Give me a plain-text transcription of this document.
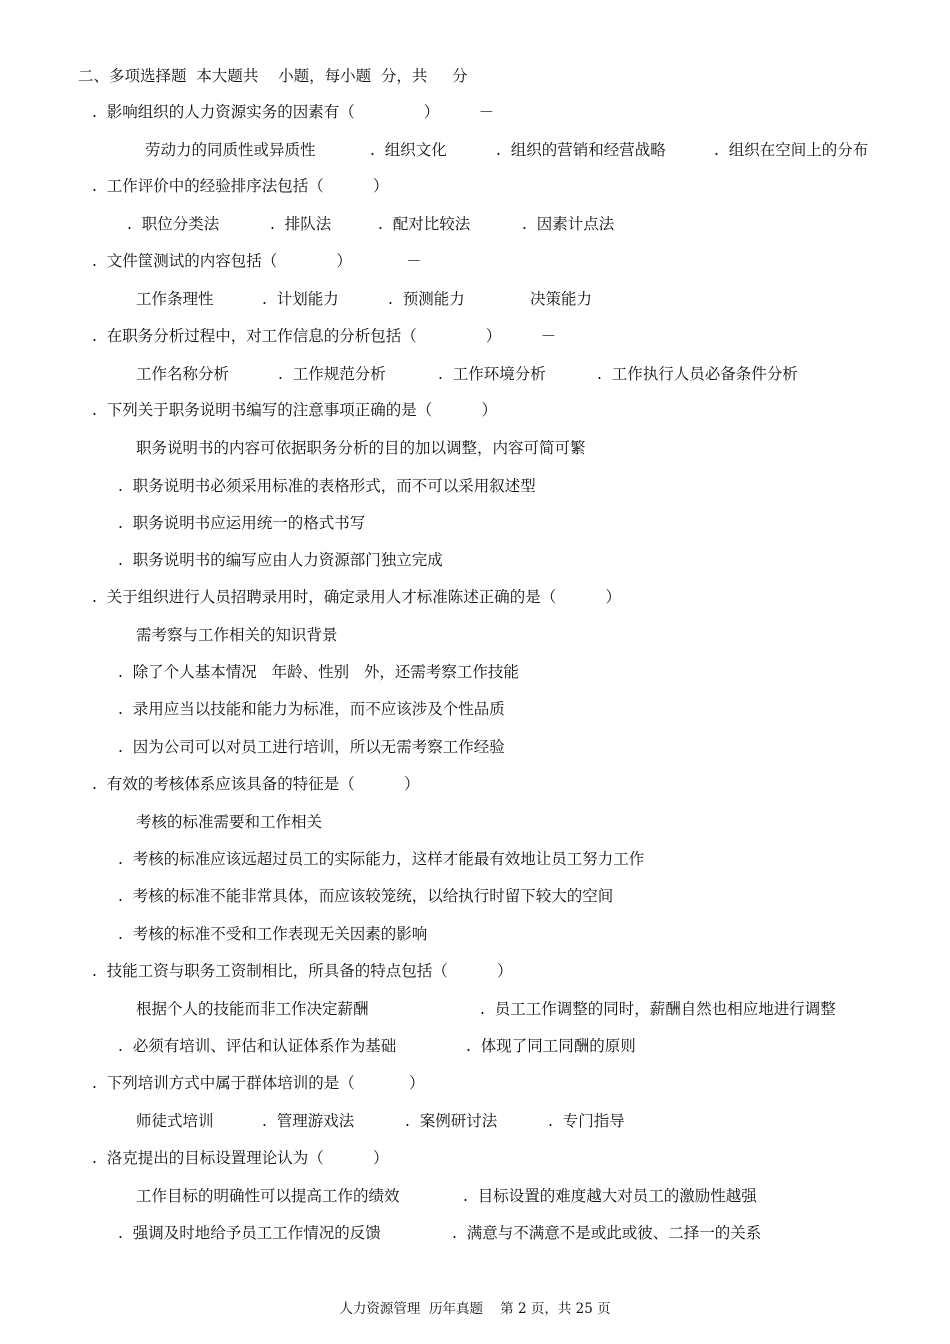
二、多项选择题  本大题共    小题，每小题  分，共     分
.  影响组织的人力资源实务的因素有（              ）        －
劳动力的同质性或异质性	.  组织文化	.  组织的营销和经营战略	.  组织在空间上的分布
.  工作评价中的经验排序法包括（          ）
.  职位分类法	.  排队法	.  配对比较法	.  因素计点法
.  文件筐测试的内容包括（            ）           －
工作条理性	.  计划能力	.  预测能力	决策能力
.  在职务分析过程中，对工作信息的分析包括（              ）        －
工作名称分析	.  工作规范分析	.  工作环境分析	.  工作执行人员必备条件分析
.  下列关于职务说明书编写的注意事项正确的是（          ）
职务说明书的内容可依据职务分析的目的加以调整，内容可简可繁
.  职务说明书必须采用标准的表格形式，而不可以采用叙述型
.  职务说明书应运用统一的格式书写
.  职务说明书的编写应由人力资源部门独立完成
.  关于组织进行人员招聘录用时，确定录用人才标准陈述正确的是（          ）
需考察与工作相关的知识背景
.  除了个人基本情况   年龄、性别   外，还需考察工作技能
.  录用应当以技能和能力为标准，而不应该涉及个性品质
.  因为公司可以对员工进行培训，所以无需考察工作经验
.  有效的考核体系应该具备的特征是（          ）
考核的标准需要和工作相关
.  考核的标准应该远超过员工的实际能力，这样才能最有效地让员工努力工作
.  考核的标准不能非常具体，而应该较笼统，以给执行时留下较大的空间
.  考核的标准不受和工作表现无关因素的影响
.  技能工资与职务工资制相比，所具备的特点包括（          ）
根据个人的技能而非工作决定薪酬	.  员工工作调整的同时，薪酬自然也相应地进行调整
.  必须有培训、评估和认证体系作为基础	.  体现了同工同酬的原则
.  下列培训方式中属于群体培训的是（           ）
师徒式培训	.  管理游戏法	.  案例研讨法	.  专门指导
.  洛克提出的目标设置理论认为（          ）
工作目标的明确性可以提高工作的绩效	.  目标设置的难度越大对员工的激励性越强
.  强调及时地给予员工工作情况的反馈	.  满意与不满意不是或此或彼、二择一的关系
人力资源管理  历年真题    第 2 页，共 25 页
